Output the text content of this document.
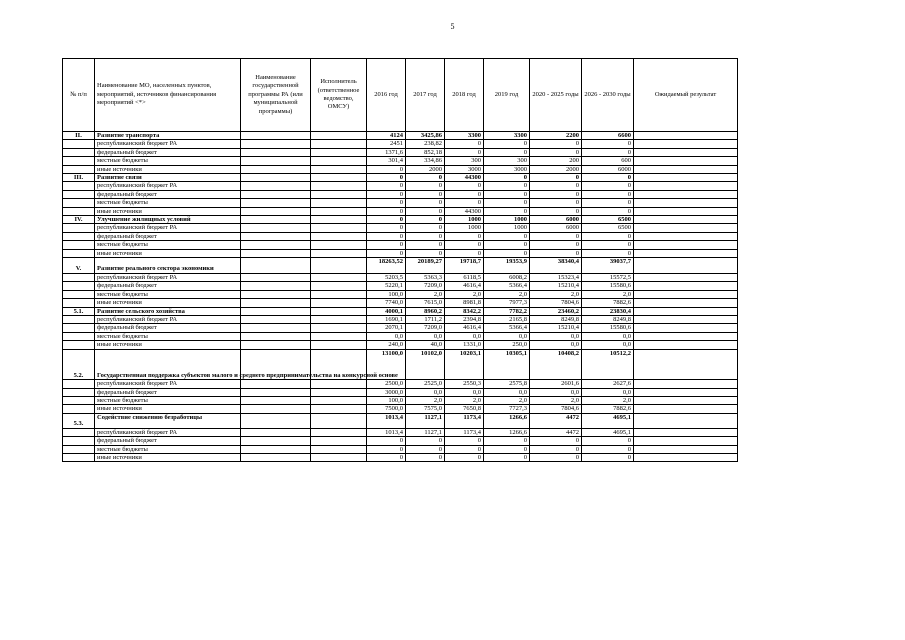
5
№ п/п	Наименование МО, населенных пунктов, мероприятий, источников финансирования мероприятий <*>	Наименование государственной программы РА (или муниципальной программы)	Исполнитель (ответственное ведомство, ОМСУ)	2016 год	2017 год	2018 год	2019 год	2020 - 2025 годы	2026 - 2030 годы	Ожидаемый результат
II.	Развитие транспорта			4124	3425,86	3300	3300	2200	6600	
	республиканский бюджет РА			2451	238,82	0	0	0	0	
	федеральный бюджет			1371,6	852,18	0	0	0	0	
	местные бюджеты			301,4	334,86	300	300	200	600	
	иные источники			0	2000	3000	3000	2000	6000	
III.	Развитие связи			0	0	44300	0	0	0	
	республиканский бюджет РА			0	0	0	0	0	0	
	федеральный бюджет			0	0	0	0	0	0	
	местные бюджеты			0	0	0	0	0	0	
	иные источники			0	0	44300	0	0	0	
IV.	Улучшение жилищных условий			0	0	1000	1000	6000	6500	
	республиканский бюджет РА			0	0	1000	1000	6000	6500	
	федеральный бюджет			0	0	0	0	0	0	
	местные бюджеты			0	0	0	0	0	0	
	иные источники			0	0	0	0	0	0	
V.	Развитие реального сектора экономики			18263,52	20189,27	19718,7	19353,9	38340,4	39037,7	
	республиканский бюджет РА			5203,5	5363,3	6118,5	6008,2	15323,4	15572,5	
	федеральный бюджет			5220,1	7209,0	4616,4	5366,4	15210,4	15580,6	
	местные бюджеты			100,0	2,0	2,0	2,0	2,0	2,0	
	иные источники			7740,0	7615,0	8981,8	7977,3	7804,6	7882,6	
5.1.	Развитие сельского хозяйства			4000,1	8960,2	8342,2	7782,2	23460,2	23830,4	
	республиканский бюджет РА			1690,1	1711,2	2394,8	2165,8	8249,8	8249,8	
	федеральный бюджет			2070,1	7209,0	4616,4	5366,4	15210,4	15580,6	
	местные бюджеты			0,0	0,0	0,0	0,0	0,0	0,0	
	иные источники			240,0	40,0	1331,0	250,0	0,0	0,0	
5.2.	Государственная поддержка субъектов малого и среднего предпринимательства на конкурсной основе			13100,0	10102,0	10203,1	10305,1	10408,2	10512,2	
	республиканский бюджет РА			2500,0	2525,0	2550,3	2575,8	2601,6	2627,6	
	федеральный бюджет			3000,0	0,0	0,0	0,0	0,0	0,0	
	местные бюджеты			100,0	2,0	2,0	2,0	2,0	2,0	
	иные источники			7500,0	7575,0	7650,8	7727,3	7804,6	7882,6	
5.3.	Содействие снижению безработицы			1013,4	1127,1	1173,4	1266,6	4472	4695,1	
	республиканский бюджет РА			1013,4	1127,1	1173,4	1266,6	4472	4695,1	
	федеральный бюджет			0	0	0	0	0	0	
	местные бюджеты			0	0	0	0	0	0	
	иные источники			0	0	0	0	0	0	
